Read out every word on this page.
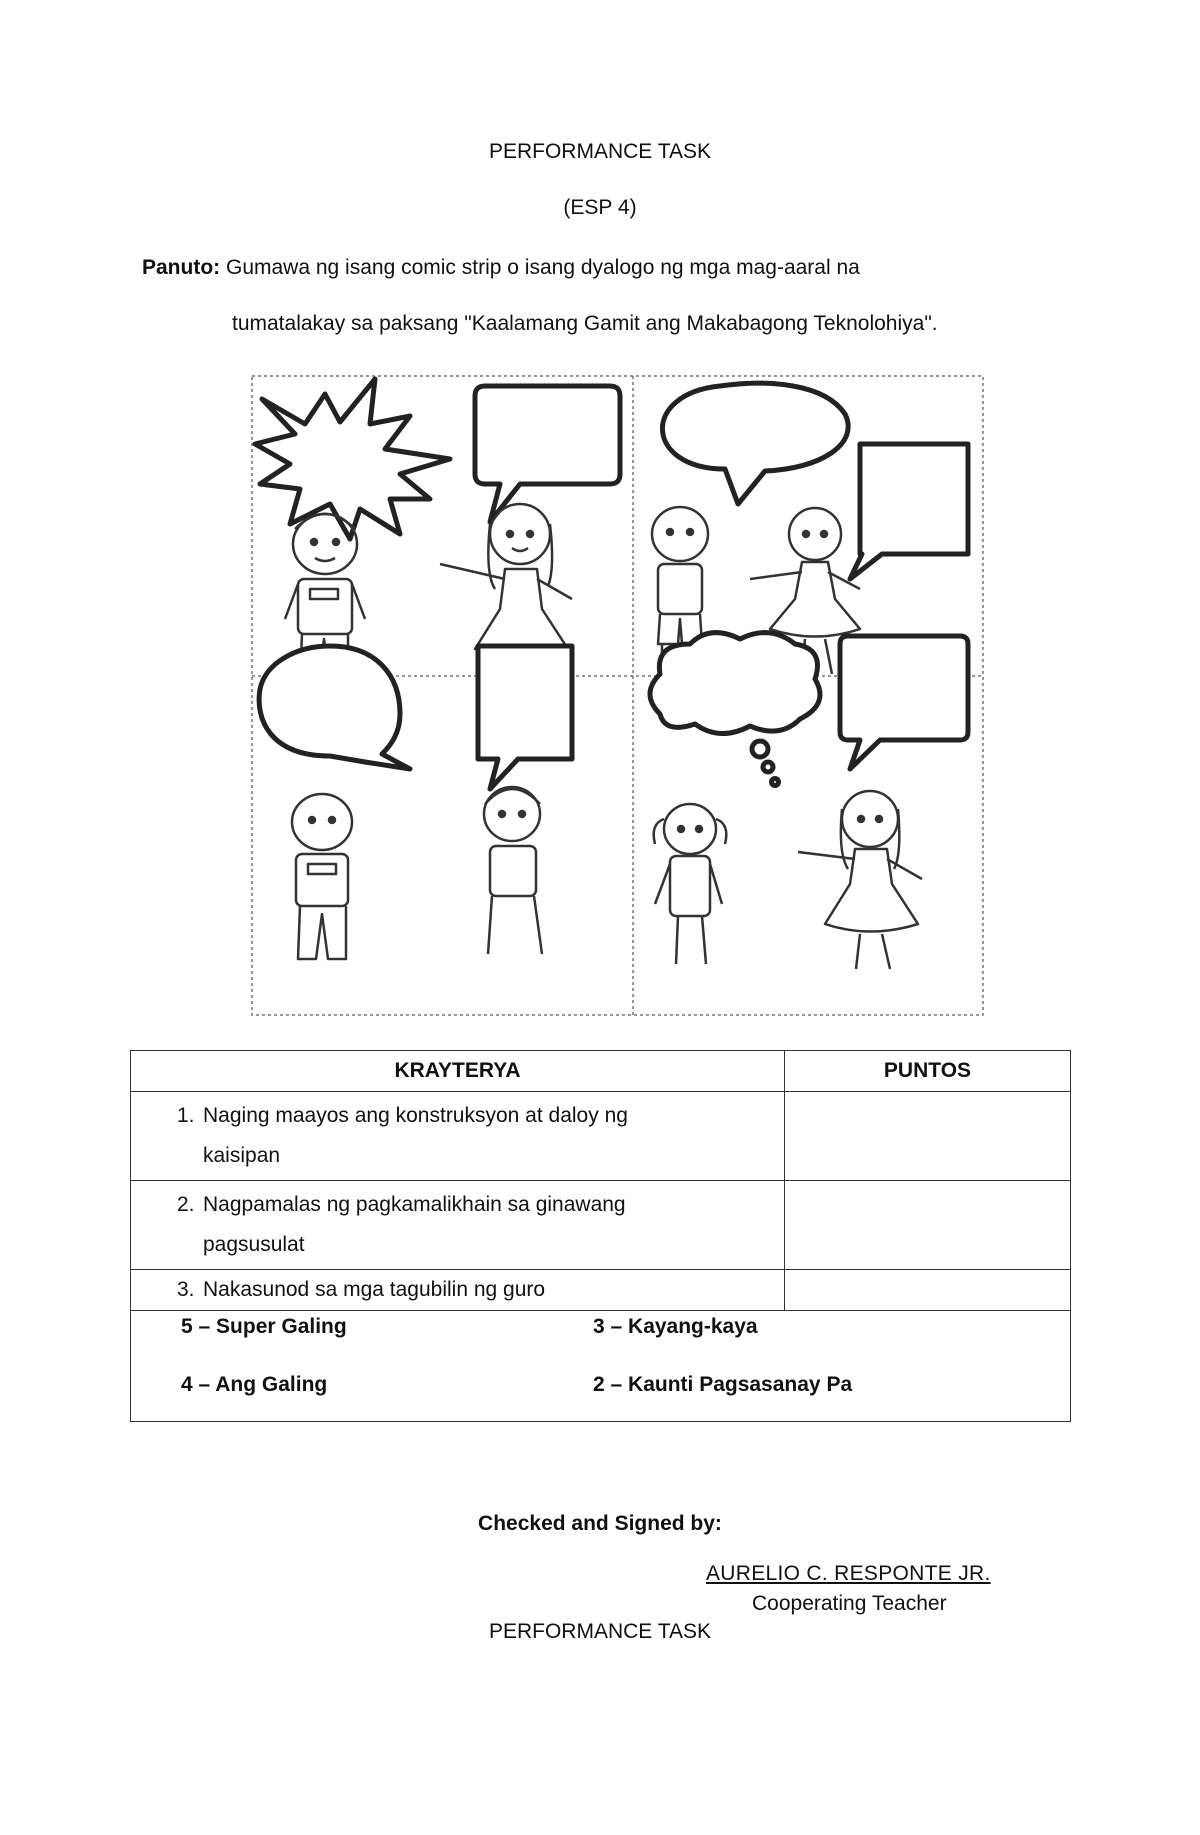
PERFORMANCE TASK
(ESP 4)
Panuto: Gumawa ng isang comic strip o isang dyalogo ng mga mag-aaral na
tumatalakay sa paksang "Kaalamang Gamit ang Makabagong Teknolohiya".
KRAYTERYA	PUNTOS

1. Naging maayos ang konstruksyon at daloy ng
kaisipan	

2. Nagpamalas ng pagkamalikhain sa ginawang
pagsusulat	

3. Nakasunod sa mga tagubilin ng guro	

5 – Super Galing 3 – Kayang-kaya
4 – Ang Galing 2 – Kaunti Pagsasanay Pa	
Checked and Signed by:
AURELIO C. RESPONTE JR.
Cooperating Teacher
PERFORMANCE TASK
